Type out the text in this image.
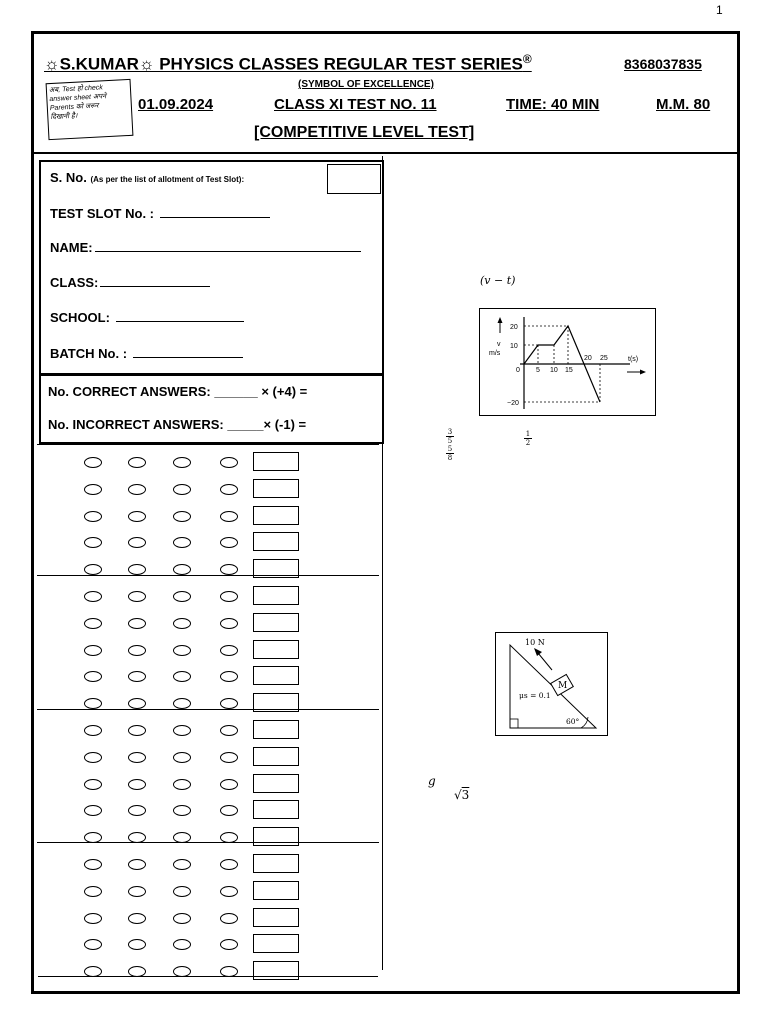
1
☼S.KUMAR☼ PHYSICS CLASSES REGULAR TEST SERIES®	8368037835
(SYMBOL OF EXCELLENCE)
अब, Test हो check
answer sheet अपने
Parents को जरूर
दिखानी है।
01.09.2024	CLASS XI TEST NO. 11	TIME: 40 MIN	M.M. 80
[COMPETITIVE LEVEL TEST]
S. No. (As per the list of allotment of Test Slot):
TEST SLOT No. :
NAME:
CLASS:
SCHOOL:
BATCH No. :
No. CORRECT ANSWERS: ______ × (+4) =
No. INCORRECT ANSWERS: _____× (-1) =
(v − t)
v
m/s
t(s)
20
10
0
−20
5 10 15
20 25
3
5
5
8
$\frac{1}{2}$
M
10 N
μs = 0.1
60°
g
√3
